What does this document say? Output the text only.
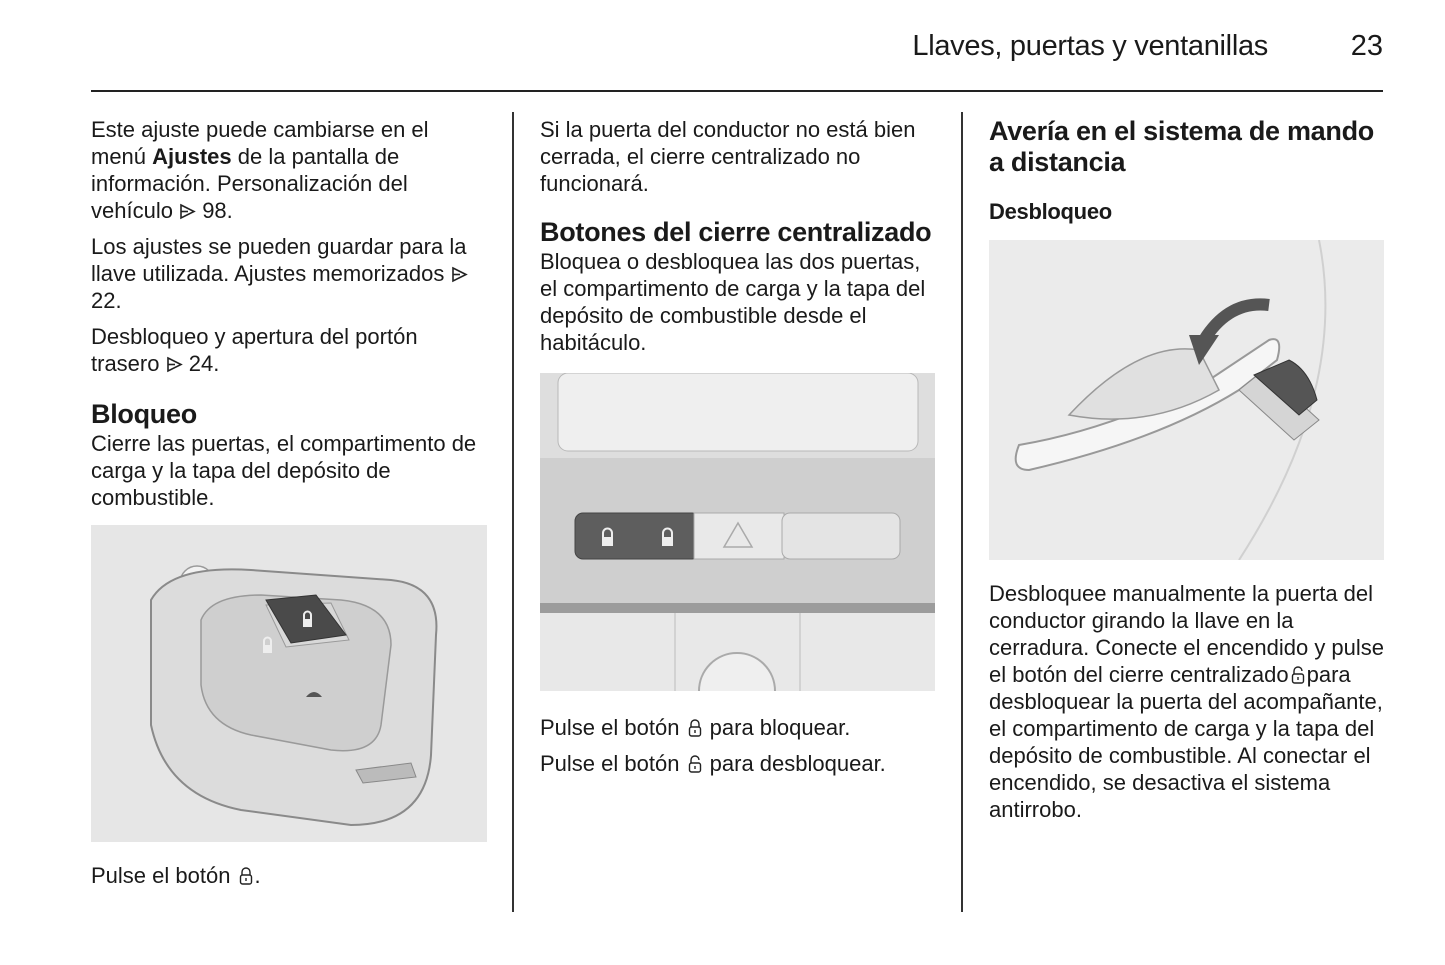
Llaves, puertas y ventanillas	23

Este ajuste puede cambiarse en el menú Ajustes de la pantalla de información. Personalización del vehículo  98.

Los ajustes se pueden guardar para la llave utilizada. Ajustes memorizados  22.

Desbloqueo y apertura del portón trasero  24.

Bloqueo

Cierre las puertas, el compartimento de carga y la tapa del depósito de combustible.

Pulse el botón .

Si la puerta del conductor no está bien cerrada, el cierre centralizado no funcionará.

Botones del cierre centralizado

Bloquea o desbloquea las dos puertas, el compartimento de carga y la tapa del depósito de combustible desde el habitáculo.

Pulse el botón  para bloquear.

Pulse el botón  para desbloquear.

Avería en el sistema de mando a distancia
Desbloqueo

Desbloquee manualmente la puerta del conductor girando la llave en la cerradura. Conecte el encendido y pulse el botón del cierre centralizado para desbloquear la puerta del acompañante, el compartimento de carga y la tapa del depósito de combustible. Al conectar el encendido, se desactiva el sistema antirrobo.
